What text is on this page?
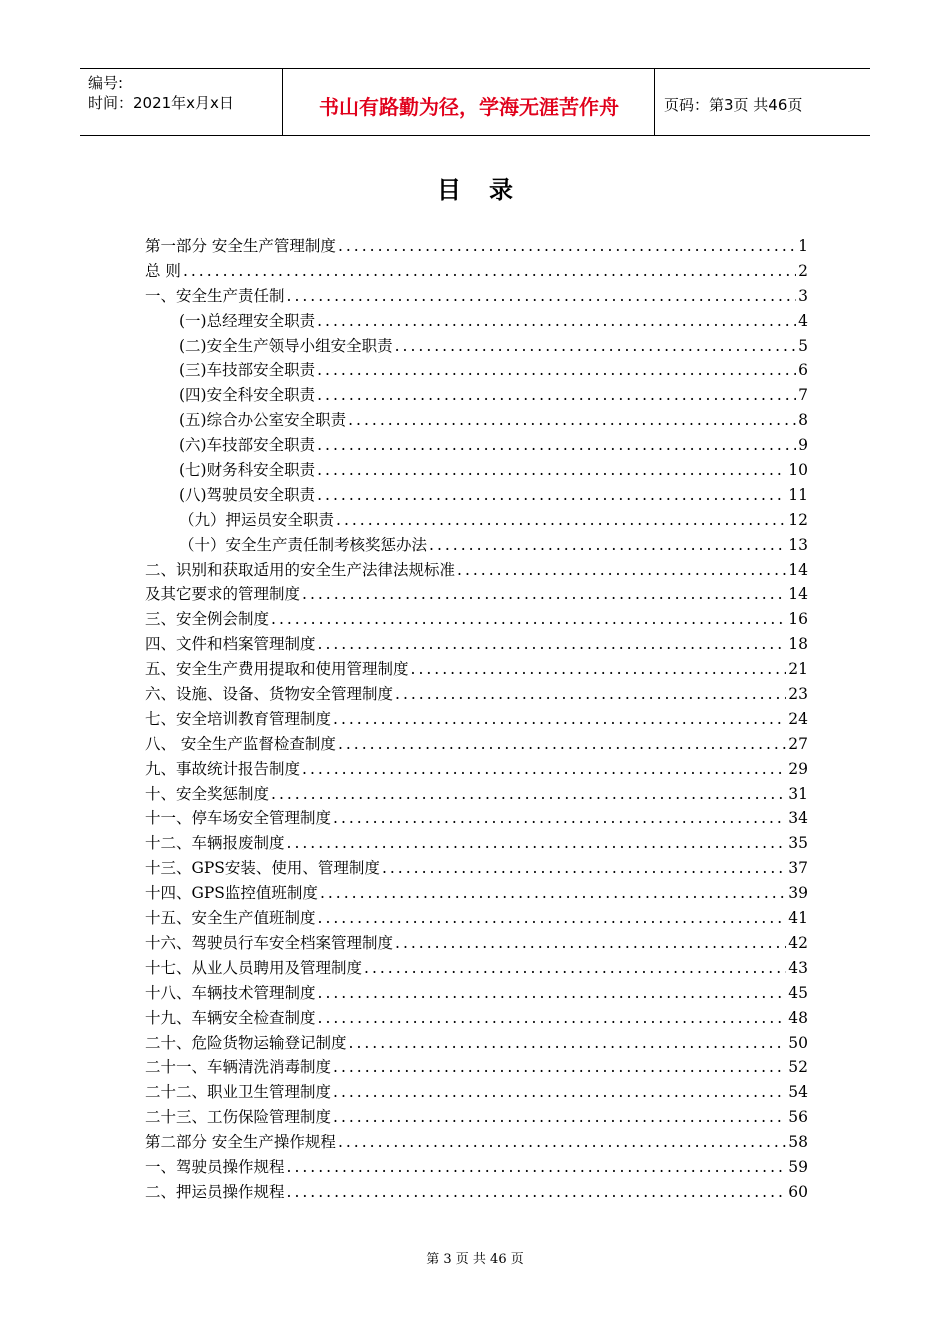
编号:
时间：2021年x月x日	书山有路勤为径，学海无涯苦作舟	页码：第3页 共46页
目录
第一部分 安全生产管理制度 .....	1
总 则 .....	2
一、安全生产责任制 .....	3
(一)总经理安全职责 .....	4
(二)安全生产领导小组安全职责 .....	5
(三)车技部安全职责 .....	6
(四)安全科安全职责 .....	7
(五)综合办公室安全职责 .....	8
(六)车技部安全职责 .....	9
(七)财务科安全职责 .....	10
(八)驾驶员安全职责 .....	11
（九）押运员安全职责 .....	12
（十）安全生产责任制考核奖惩办法 .....	13
二、识别和获取适用的安全生产法律法规标准 .....	14
及其它要求的管理制度 .....	14
三、安全例会制度 .....	16
四、文件和档案管理制度 .....	18
五、安全生产费用提取和使用管理制度 .....	21
六、设施、设备、货物安全管理制度 .....	23
七、安全培训教育管理制度 .....	24
八、 安全生产监督检查制度 .....	27
九、事故统计报告制度 .....	29
十、安全奖惩制度 .....	31
十一、停车场安全管理制度 .....	34
十二、车辆报废制度 .....	35
十三、GPS安装、使用、管理制度 .....	37
十四、GPS监控值班制度 .....	39
十五、安全生产值班制度 .....	41
十六、驾驶员行车安全档案管理制度 .....	42
十七、从业人员聘用及管理制度 .....	43
十八、车辆技术管理制度 .....	45
十九、车辆安全检查制度 .....	48
二十、危险货物运输登记制度 .....	50
二十一、车辆清洗消毒制度 .....	52
二十二、职业卫生管理制度 .....	54
二十三、工伤保险管理制度 .....	56
第二部分 安全生产操作规程 .....	58
一、驾驶员操作规程 .....	59
二、押运员操作规程 .....	60
第 3 页 共 46 页
